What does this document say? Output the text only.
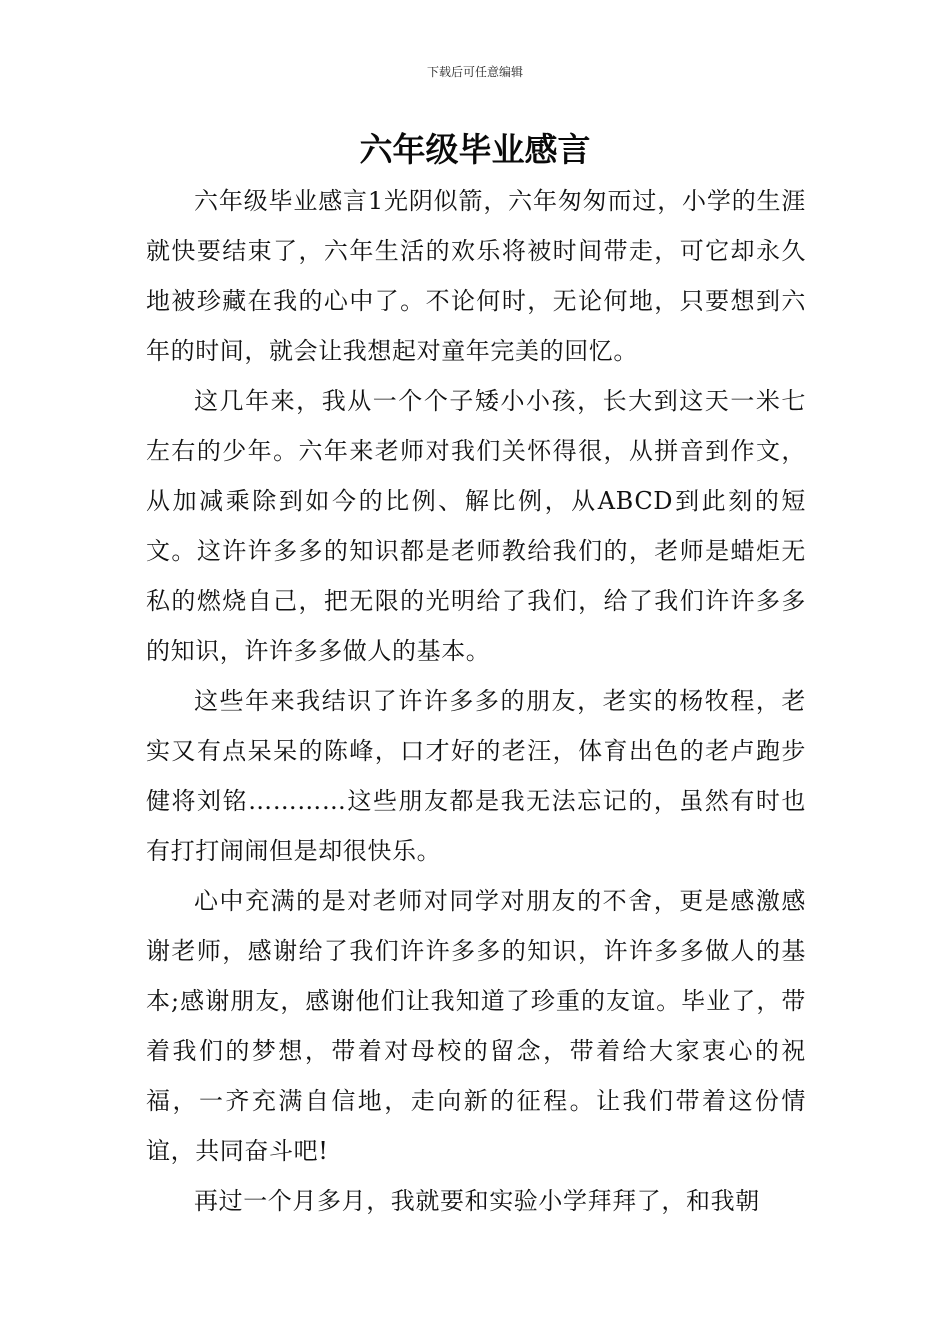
下载后可任意编辑
六年级毕业感言

六年级毕业感言1光阴似箭，六年匆匆而过，小学的生涯就快要结束了，六年生活的欢乐将被时间带走，可它却永久地被珍藏在我的心中了。不论何时，无论何地，只要想到六年的时间，就会让我想起对童年完美的回忆。

这几年来，我从一个个子矮小小孩，长大到这天一米七左右的少年。六年来老师对我们关怀得很，从拼音到作文，从加减乘除到如今的比例、解比例，从ABCD到此刻的短文。这许许多多的知识都是老师教给我们的，老师是蜡炬无私的燃烧自己，把无限的光明给了我们，给了我们许许多多的知识，许许多多做人的基本。

这些年来我结识了许许多多的朋友，老实的杨牧程，老实又有点呆呆的陈峰，口才好的老汪，体育出色的老卢跑步健将刘铭…………这些朋友都是我无法忘记的，虽然有时也有打打闹闹但是却很快乐。

心中充满的是对老师对同学对朋友的不舍，更是感激感谢老师，感谢给了我们许许多多的知识，许许多多做人的基本;感谢朋友，感谢他们让我知道了珍重的友谊。毕业了，带着我们的梦想，带着对母校的留念，带着给大家衷心的祝福，一齐充满自信地，走向新的征程。让我们带着这份情谊，共同奋斗吧!

再过一个月多月，我就要和实验小学拜拜了，和我朝
